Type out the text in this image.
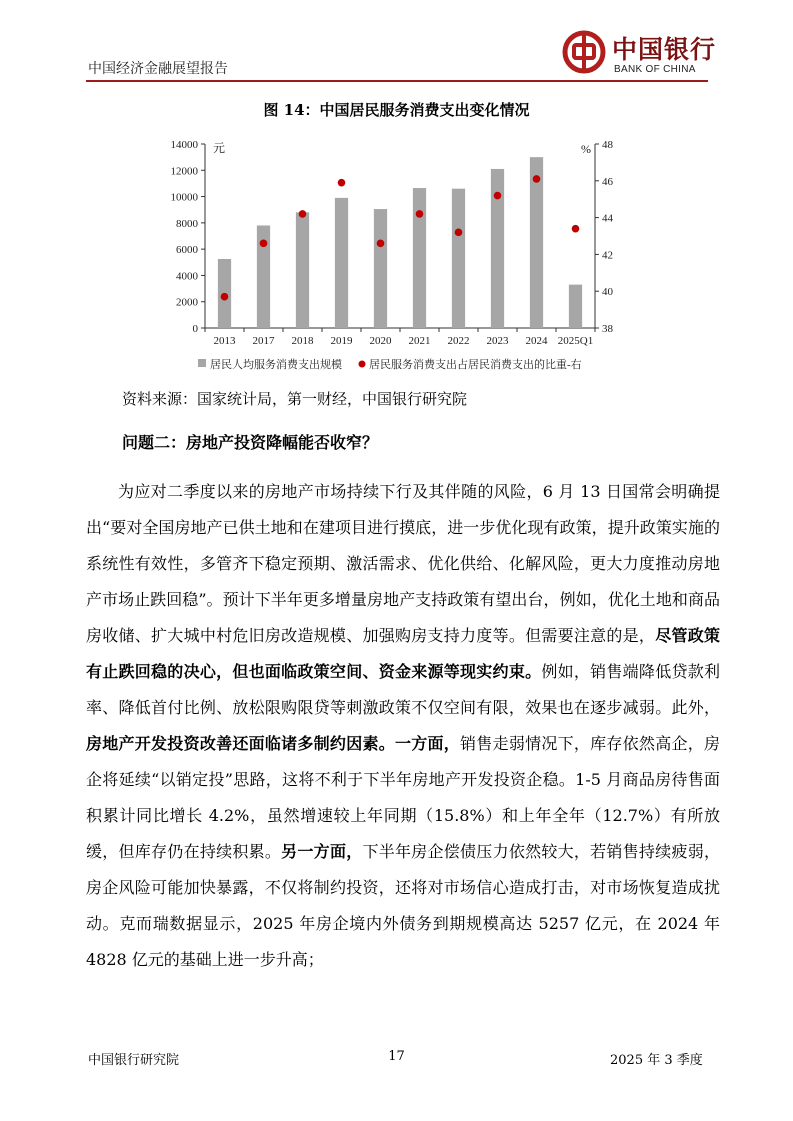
中国经济金融展望报告
中国银行
BANK OF CHINA
图 14：中国居民服务消费支出变化情况
0
2000
4000
6000
8000
10000
12000
14000
38
40
42
44
46
48
元	%
2013 2017 2018 2019 2020 2021 2022 2023 2024 2025Q1
居民人均服务消费支出规模 居民服务消费支出占居民消费支出的比重-右
资料来源：国家统计局，第一财经，中国银行研究院
问题二：房地产投资降幅能否收窄？

为应对二季度以来的房地产市场持续下行及其伴随的风险，6 月 13 日国常会明确提出“要对全国房地产已供土地和在建项目进行摸底，进一步优化现有政策，提升政策实施的系统性有效性，多管齐下稳定预期、激活需求、优化供给、化解风险，更大力度推动房地产市场止跌回稳”。预计下半年更多增量房地产支持政策有望出台，例如，优化土地和商品房收储、扩大城中村危旧房改造规模、加强购房支持力度等。但需要注意的是，尽管政策有止跌回稳的决心，但也面临政策空间、资金来源等现实约束。例如，销售端降低贷款利率、降低首付比例、放松限购限贷等刺激政策不仅空间有限，效果也在逐步减弱。此外，房地产开发投资改善还面临诸多制约因素。一方面，销售走弱情况下，库存依然高企，房企将延续“以销定投”思路，这将不利于下半年房地产开发投资企稳。1-5 月商品房待售面积累计同比增长 4.2%，虽然增速较上年同期（15.8%）和上年全年（12.7%）有所放缓，但库存仍在持续积累。另一方面，下半年房企偿债压力依然较大，若销售持续疲弱，房企风险可能加快暴露，不仅将制约投资，还将对市场信心造成打击，对市场恢复造成扰动。克而瑞数据显示，2025 年房企境内外债务到期规模高达 5257 亿元，在 2024 年 4828 亿元的基础上进一步升高；

中国银行研究院	17	2025 年 3 季度
